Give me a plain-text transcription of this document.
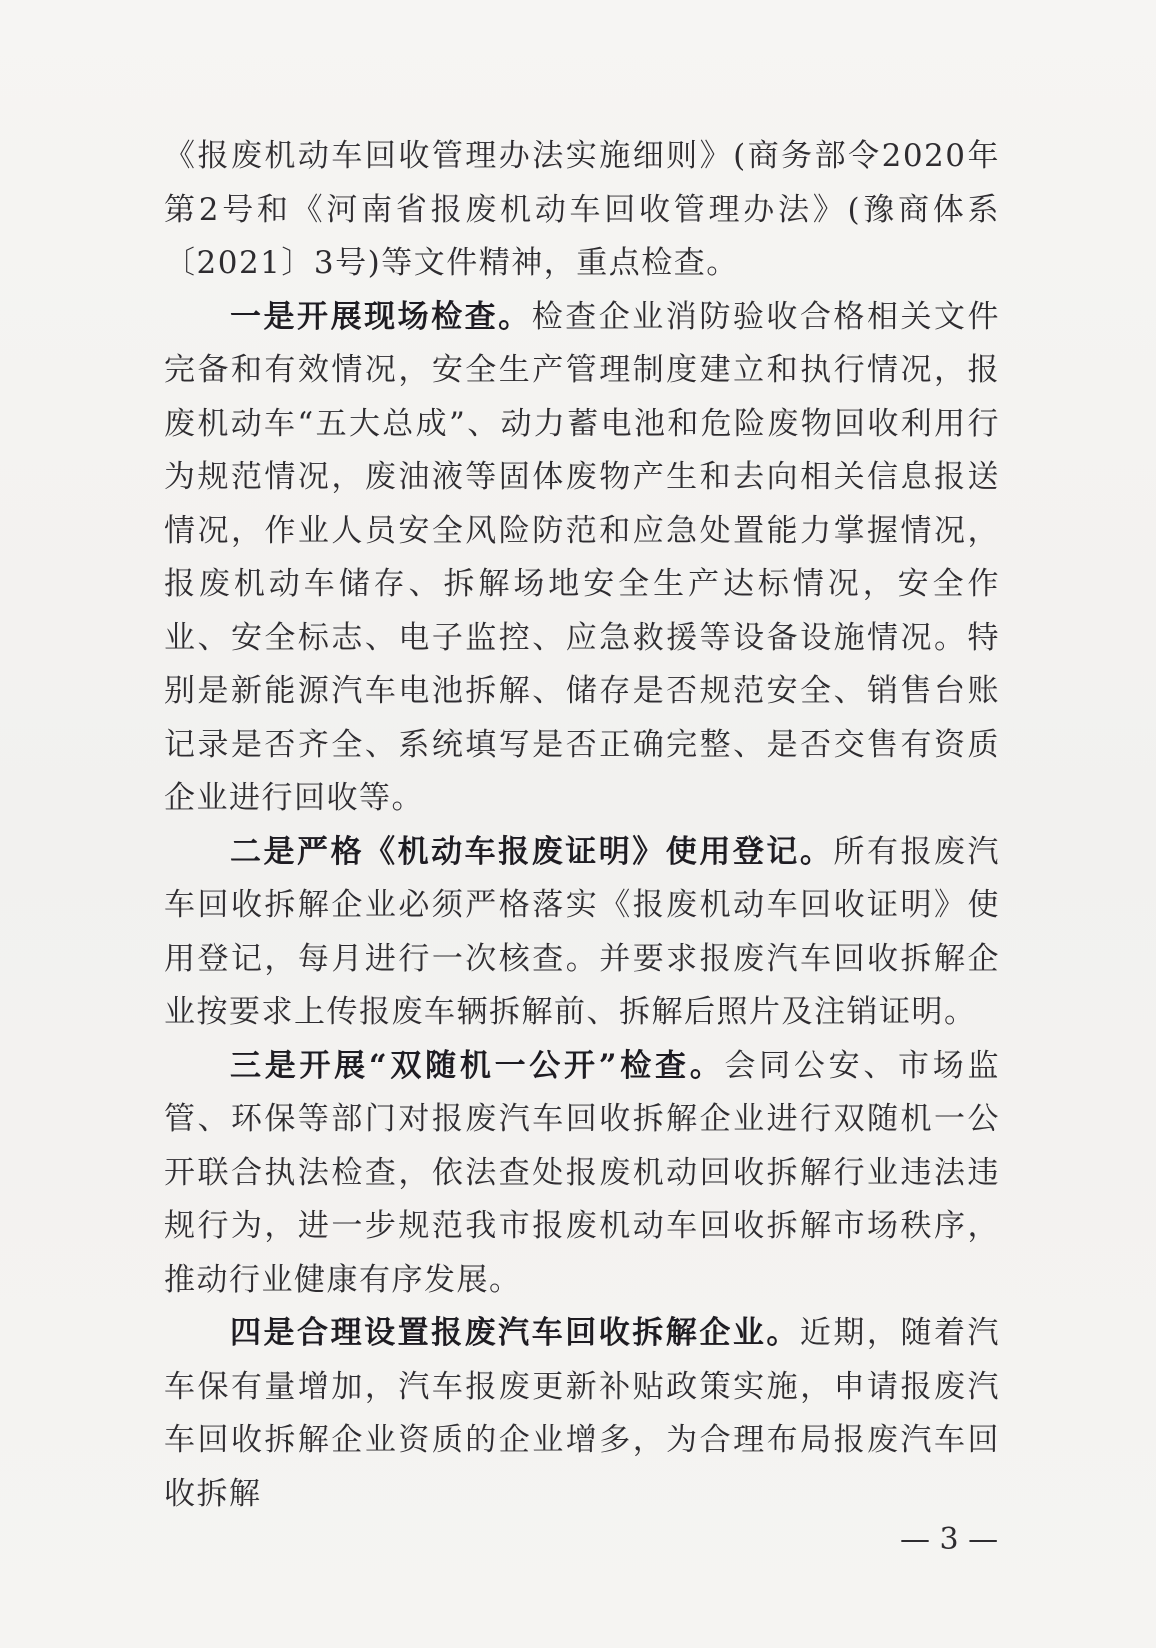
《报废机动车回收管理办法实施细则》(商务部令2020年第2号和《河南省报废机动车回收管理办法》(豫商体系〔2021〕3号)等文件精神，重点检查。

一是开展现场检查。检查企业消防验收合格相关文件完备和有效情况，安全生产管理制度建立和执行情况，报废机动车“五大总成”、动力蓄电池和危险废物回收利用行为规范情况，废油液等固体废物产生和去向相关信息报送情况，作业人员安全风险防范和应急处置能力掌握情况，报废机动车储存、拆解场地安全生产达标情况，安全作业、安全标志、电子监控、应急救援等设备设施情况。特别是新能源汽车电池拆解、储存是否规范安全、销售台账记录是否齐全、系统填写是否正确完整、是否交售有资质企业进行回收等。

二是严格《机动车报废证明》使用登记。所有报废汽车回收拆解企业必须严格落实《报废机动车回收证明》使用登记，每月进行一次核查。并要求报废汽车回收拆解企业按要求上传报废车辆拆解前、拆解后照片及注销证明。

三是开展“双随机一公开”检查。会同公安、市场监管、环保等部门对报废汽车回收拆解企业进行双随机一公开联合执法检查，依法查处报废机动回收拆解行业违法违规行为，进一步规范我市报废机动车回收拆解市场秩序，推动行业健康有序发展。

四是合理设置报废汽车回收拆解企业。近期，随着汽车保有量增加，汽车报废更新补贴政策实施，申请报废汽车回收拆解企业资质的企业增多，为合理布局报废汽车回收拆解

— 3 —
